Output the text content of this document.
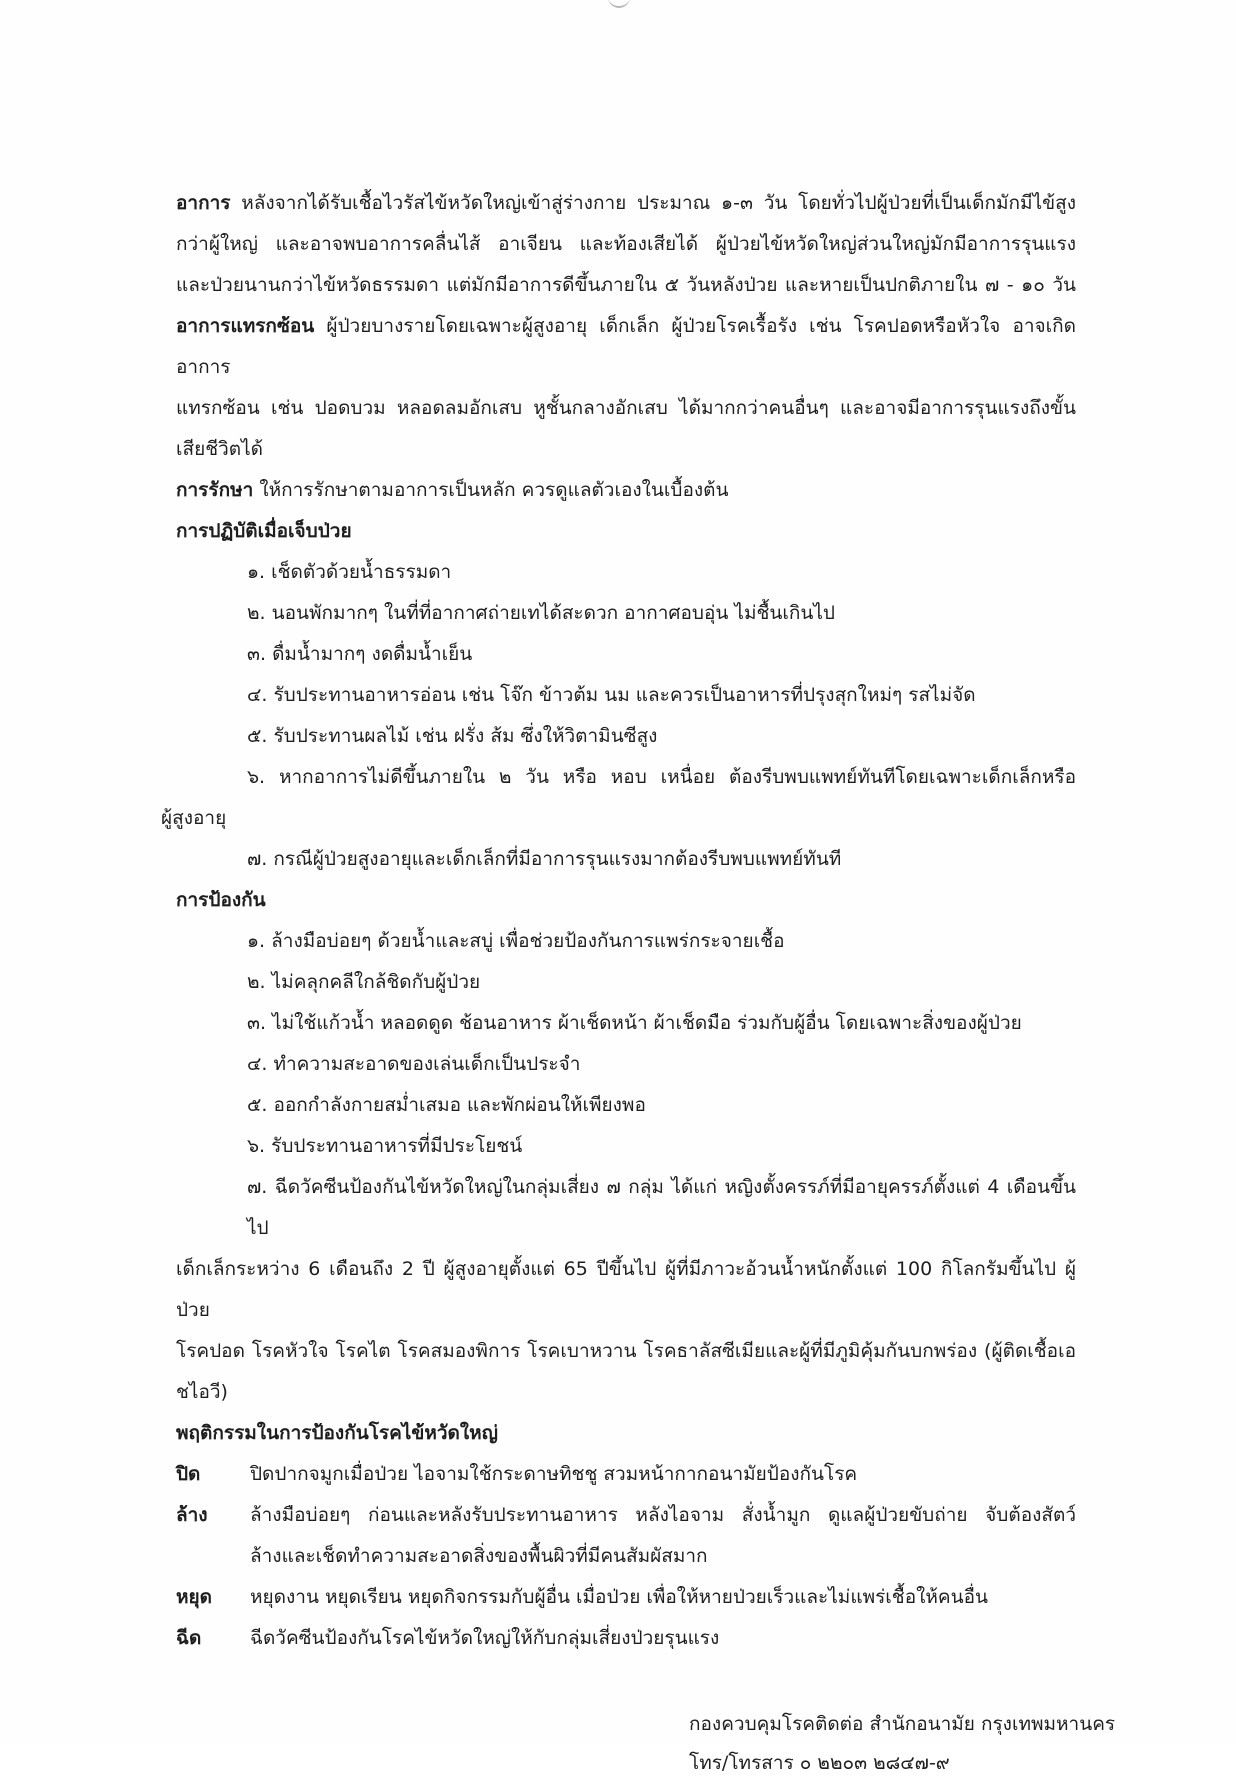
อาการ หลังจากได้รับเชื้อไวรัสไข้หวัดใหญ่เข้าสู่ร่างกาย ประมาณ ๑-๓ วัน โดยทั่วไปผู้ป่วยที่เป็นเด็กมักมีไข้สูง
กว่าผู้ใหญ่ และอาจพบอาการคลื่นไส้ อาเจียน และท้องเสียได้ ผู้ป่วยไข้หวัดใหญ่ส่วนใหญ่มักมีอาการรุนแรง
และป่วยนานกว่าไข้หวัดธรรมดา แต่มักมีอาการดีขึ้นภายใน ๕ วันหลังป่วย และหายเป็นปกติภายใน ๗ - ๑๐ วัน
อาการแทรกซ้อน ผู้ป่วยบางรายโดยเฉพาะผู้สูงอายุ เด็กเล็ก ผู้ป่วยโรคเรื้อรัง เช่น โรคปอดหรือหัวใจ อาจเกิดอาการ
แทรกซ้อน เช่น ปอดบวม หลอดลมอักเสบ หูชั้นกลางอักเสบ ได้มากกว่าคนอื่นๆ และอาจมีอาการรุนแรงถึงขั้น
เสียชีวิตได้
การรักษา ให้การรักษาตามอาการเป็นหลัก ควรดูแลตัวเองในเบื้องต้น
การปฏิบัติเมื่อเจ็บป่วย
๑. เช็ดตัวด้วยน้ำธรรมดา
๒. นอนพักมากๆ ในที่ที่อากาศถ่ายเทได้สะดวก อากาศอบอุ่น ไม่ชื้นเกินไป
๓. ดื่มน้ำมากๆ งดดื่มน้ำเย็น
๔. รับประทานอาหารอ่อน เช่น โจ๊ก ข้าวต้ม นม และควรเป็นอาหารที่ปรุงสุกใหม่ๆ รสไม่จัด
๕. รับประทานผลไม้ เช่น ฝรั่ง ส้ม ซึ่งให้วิตามินซีสูง
๖. หากอาการไม่ดีขึ้นภายใน ๒ วัน หรือ หอบ เหนื่อย ต้องรีบพบแพทย์ทันทีโดยเฉพาะเด็กเล็กหรือ
ผู้สูงอายุ
๗. กรณีผู้ป่วยสูงอายุและเด็กเล็กที่มีอาการรุนแรงมากต้องรีบพบแพทย์ทันที
การป้องกัน
๑. ล้างมือบ่อยๆ ด้วยน้ำและสบู่ เพื่อช่วยป้องกันการแพร่กระจายเชื้อ
๒. ไม่คลุกคลีใกล้ชิดกับผู้ป่วย
๓. ไม่ใช้แก้วน้ำ หลอดดูด ช้อนอาหาร ผ้าเช็ดหน้า ผ้าเช็ดมือ ร่วมกับผู้อื่น โดยเฉพาะสิ่งของผู้ป่วย
๔. ทำความสะอาดของเล่นเด็กเป็นประจำ
๕. ออกกำลังกายสม่ำเสมอ และพักผ่อนให้เพียงพอ
๖. รับประทานอาหารที่มีประโยชน์
๗. ฉีดวัคซีนป้องกันไข้หวัดใหญ่ในกลุ่มเสี่ยง ๗ กลุ่ม ได้แก่ หญิงตั้งครรภ์ที่มีอายุครรภ์ตั้งแต่ 4 เดือนขึ้นไป
เด็กเล็กระหว่าง 6 เดือนถึง 2 ปี ผู้สูงอายุตั้งแต่ 65 ปีขึ้นไป ผู้ที่มีภาวะอ้วนน้ำหนักตั้งแต่ 100 กิโลกรัมขึ้นไป ผู้ป่วย
โรคปอด โรคหัวใจ โรคไต โรคสมองพิการ โรคเบาหวาน โรคธาลัสซีเมียและผู้ที่มีภูมิคุ้มกันบกพร่อง (ผู้ติดเชื้อเอชไอวี)
พฤติกรรมในการป้องกันโรคไข้หวัดใหญ่
ปิด	ปิดปากจมูกเมื่อป่วย ไอจามใช้กระดาษทิชชู สวมหน้ากากอนามัยป้องกันโรค
ล้าง	ล้างมือบ่อยๆ ก่อนและหลังรับประทานอาหาร หลังไอจาม สั่งน้ำมูก ดูแลผู้ป่วยขับถ่าย จับต้องสัตว์
ล้างและเช็ดทำความสะอาดสิ่งของพื้นผิวที่มีคนสัมผัสมาก
หยุด	หยุดงาน หยุดเรียน หยุดกิจกรรมกับผู้อื่น เมื่อป่วย เพื่อให้หายป่วยเร็วและไม่แพร่เชื้อให้คนอื่น
ฉีด	ฉีดวัคซีนป้องกันโรคไข้หวัดใหญ่ให้กับกลุ่มเสี่ยงป่วยรุนแรง
กองควบคุมโรคติดต่อ สำนักอนามัย กรุงเทพมหานคร
โทร/โทรสาร ๐ ๒๒๐๓ ๒๘๔๗-๙
